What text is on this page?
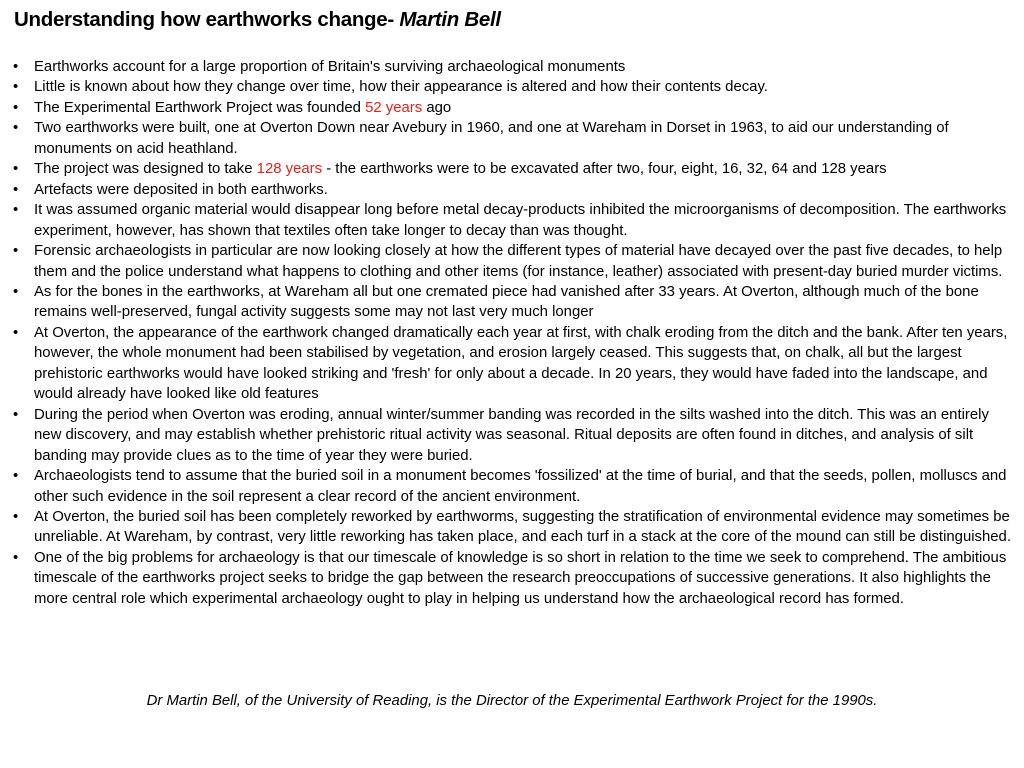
Understanding how earthworks change- Martin Bell
•	Earthworks account for a large proportion of Britain's surviving archaeological monuments
•	Little is known about how they change over time, how their appearance is altered and how their contents decay.
•	The Experimental Earthwork Project was founded 52 years ago
•	Two earthworks were built, one at Overton Down near Avebury in 1960, and one at Wareham in Dorset in 1963, to aid our understanding of monuments on acid heathland.
•	The project was designed to take 128 years - the earthworks were to be excavated after two, four, eight, 16, 32, 64 and 128 years
•	Artefacts were deposited in both earthworks.
•	It was assumed organic material would disappear long before metal decay-products inhibited the microorganisms of decomposition. The earthworks experiment, however, has shown that textiles often take longer to decay than was thought.
•	Forensic archaeologists in particular are now looking closely at how the different types of material have decayed over the past five decades, to help them and the police understand what happens to clothing and other items (for instance, leather) associated with present-day buried murder victims.
•	As for the bones in the earthworks, at Wareham all but one cremated piece had vanished after 33 years. At Overton, although much of the bone remains well-preserved, fungal activity suggests some may not last very much longer
•	At Overton, the appearance of the earthwork changed dramatically each year at first, with chalk eroding from the ditch and the bank. After ten years, however, the whole monument had been stabilised by vegetation, and erosion largely ceased. This suggests that, on chalk, all but the largest prehistoric earthworks would have looked striking and 'fresh' for only about a decade. In 20 years, they would have faded into the landscape, and would already have looked like old features
•	During the period when Overton was eroding, annual winter/summer banding was recorded in the silts washed into the ditch. This was an entirely new discovery, and may establish whether prehistoric ritual activity was seasonal. Ritual deposits are often found in ditches, and analysis of silt banding may provide clues as to the time of year they were buried.
•	Archaeologists tend to assume that the buried soil in a monument becomes 'fossilized' at the time of burial, and that the seeds, pollen, molluscs and other such evidence in the soil represent a clear record of the ancient environment.
•	At Overton, the buried soil has been completely reworked by earthworms, suggesting the stratification of environmental evidence may sometimes be unreliable. At Wareham, by contrast, very little reworking has taken place, and each turf in a stack at the core of the mound can still be distinguished.
•	One of the big problems for archaeology is that our timescale of knowledge is so short in relation to the time we seek to comprehend. The ambitious timescale of the earthworks project seeks to bridge the gap between the research preoccupations of successive generations. It also highlights the more central role which experimental archaeology ought to play in helping us understand how the archaeological record has formed.
Dr Martin Bell, of the University of Reading, is the Director of the Experimental Earthwork Project for the 1990s.
